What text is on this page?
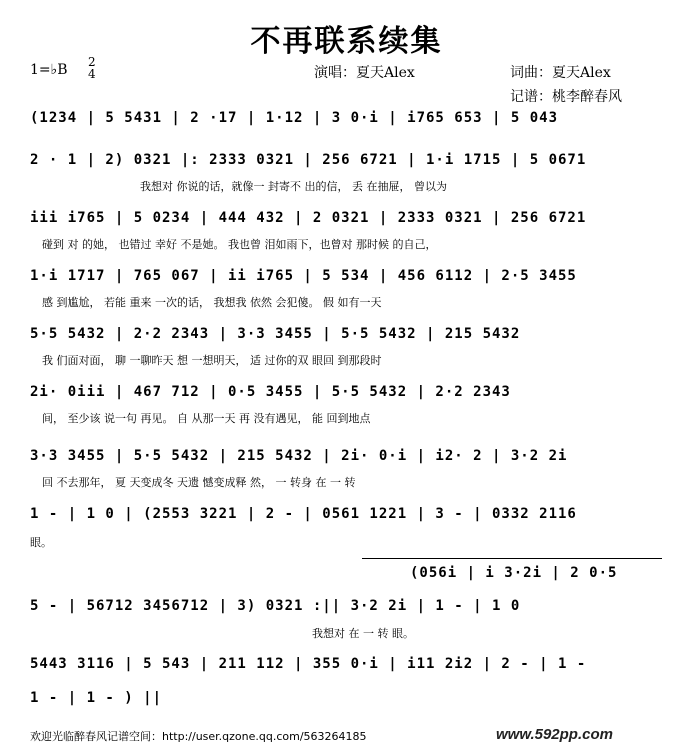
不再联系续集
1=♭B 2
4	演唱：夏天Alex	词曲：夏天Alex
记谱：桃李醉春风
(1234 | 5 5431 | 2 ·17 | 1·12 | 3 0·i | i765 653 | 5 043
2 · 1 | 2) 0321 |: 2333 0321 | 256 6721 | 1·i 1715 | 5 0671
我想对 你说的话，就像一 封寄不 出的信， 丢 在抽屉， 曾以为
iii i765 | 5 0234 | 444 432 | 2 0321 | 2333 0321 | 256 6721
碰到 对 的她， 也错过 幸好 不是她。 我也曾 泪如雨下，也曾对 那时候 的自己，
1·i 1717 | 765 067 | ii i765 | 5 534 | 456 6112 | 2·5 3455
感 到尴尬， 若能 重来 一次的话， 我想我 依然 会犯傻。 假 如有一天
5·5 5432 | 2·2 2343 | 3·3 3455 | 5·5 5432 | 215 5432
我 们面对面， 聊 一聊昨天 想 一想明天， 适 过你的双 眼回 到那段时
2i· 0iii | 467 712 | 0·5 3455 | 5·5 5432 | 2·2 2343
间， 至少该 说一句 再见。 自 从那一天 再 没有遇见， 能 回到地点
3·3 3455 | 5·5 5432 | 215 5432 | 2i· 0·i | i2· 2 | 3·2 2i
回 不去那年， 夏 天变成冬 天遗 憾变成释 然， 一 转身 在 一 转
1 - | 1 0 | (2553 3221 | 2 - | 0561 1221 | 3 - | 0332 2116
眼。
(056i | i 3·2i | 2 0·5
5 - | 56712 3456712 | 3) 0321 :|| 3·2 2i | 1 - | 1 0
我想对 在 一 转 眼。
5443 3116 | 5 543 | 211 112 | 355 0·i | i11 2i2 | 2 - | 1 -
1 - | 1 - ) ||
欢迎光临醉春风记谱空间：http://user.qzone.qq.com/563264185	www.592pp.com
